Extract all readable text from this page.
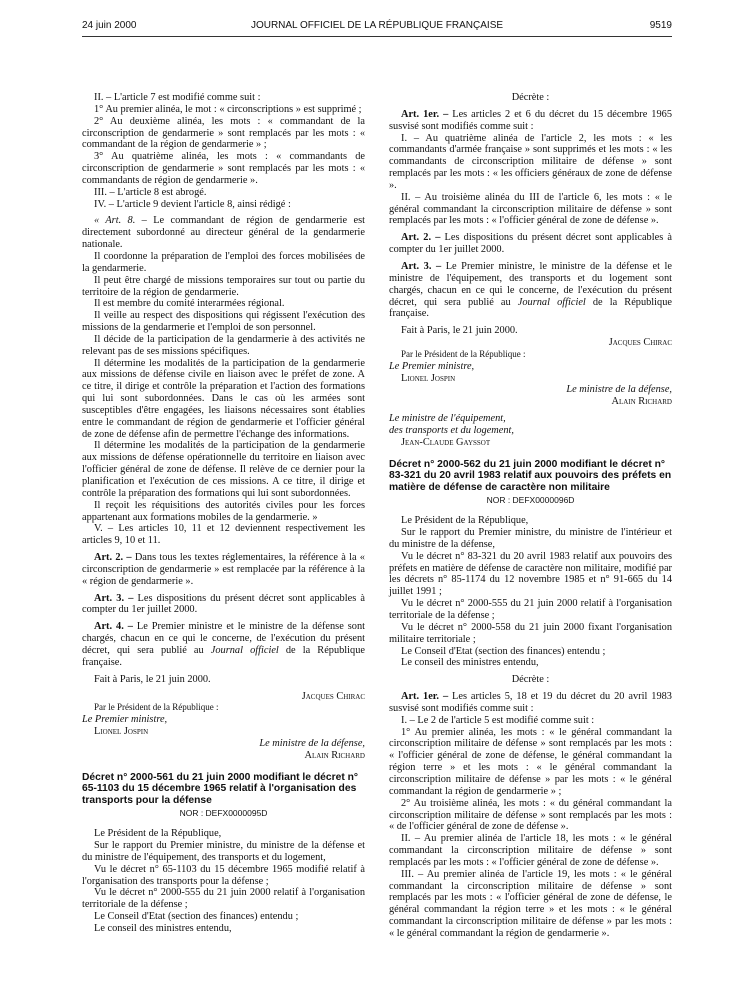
24 juin 2000	JOURNAL OFFICIEL DE LA RÉPUBLIQUE FRANÇAISE	9519

II. – L'article 7 est modifié comme suit :

1° Au premier alinéa, le mot : « circonscriptions » est supprimé ;

2° Au deuxième alinéa, les mots : « commandant de la circonscription de gendarmerie » sont remplacés par les mots : « commandant de la région de gendarmerie » ;

3° Au quatrième alinéa, les mots : « commandants de circonscription de gendarmerie » sont remplacés par les mots : « commandants de région de gendarmerie ».

III. – L'article 8 est abrogé.

IV. – L'article 9 devient l'article 8, ainsi rédigé :

« Art. 8. – Le commandant de région de gendarmerie est directement subordonné au directeur général de la gendarmerie nationale.

Il coordonne la préparation de l'emploi des forces mobilisées de la gendarmerie.

Il peut être chargé de missions temporaires sur tout ou partie du territoire de la région de gendarmerie.

Il est membre du comité interarmées régional.

Il veille au respect des dispositions qui régissent l'exécution des missions de la gendarmerie et l'emploi de son personnel.

Il décide de la participation de la gendarmerie à des activités ne relevant pas de ses missions spécifiques.

Il détermine les modalités de la participation de la gendarmerie aux missions de défense civile en liaison avec le préfet de zone. A ce titre, il dirige et contrôle la préparation et l'action des formations qui lui sont subordonnées. Dans le cas où les armées sont susceptibles d'être engagées, les liaisons nécessaires sont établies entre le commandant de région de gendarmerie et l'officier général de zone de défense afin de permettre l'échange des informations.

Il détermine les modalités de la participation de la gendarmerie aux missions de défense opérationnelle du territoire en liaison avec l'officier général de zone de défense. Il relève de ce dernier pour la planification et l'exécution de ces missions. A ce titre, il dirige et contrôle la préparation des formations qui lui sont subordonnées.

Il reçoit les réquisitions des autorités civiles pour les forces appartenant aux formations mobiles de la gendarmerie. »

V. – Les articles 10, 11 et 12 deviennent respectivement les articles 9, 10 et 11.

Art. 2. – Dans tous les textes réglementaires, la référence à la « circonscription de gendarmerie » est remplacée par la référence à la « région de gendarmerie ».

Art. 3. – Les dispositions du présent décret sont applicables à compter du 1er juillet 2000.

Art. 4. – Le Premier ministre et le ministre de la défense sont chargés, chacun en ce qui le concerne, de l'exécution du présent décret, qui sera publié au Journal officiel de la République française.

Fait à Paris, le 21 juin 2000.

Jacques Chirac

Par le Président de la République :

Le Premier ministre,

Lionel Jospin

Le ministre de la défense,

Alain Richard

Décret n° 2000-561 du 21 juin 2000 modifiant le décret n° 65-1103 du 15 décembre 1965 relatif à l'organisation des transports pour la défense

NOR : DEFX0000095D

Le Président de la République,

Sur le rapport du Premier ministre, du ministre de la défense et du ministre de l'équipement, des transports et du logement,

Vu le décret n° 65-1103 du 15 décembre 1965 modifié relatif à l'organisation des transports pour la défense ;

Vu le décret n° 2000-555 du 21 juin 2000 relatif à l'organisation territoriale de la défense ;

Le Conseil d'Etat (section des finances) entendu ;

Le conseil des ministres entendu,

Décrète :

Art. 1er. – Les articles 2 et 6 du décret du 15 décembre 1965 susvisé sont modifiés comme suit :

I. – Au quatrième alinéa de l'article 2, les mots : « les commandants d'armée française » sont supprimés et les mots : « les commandants de circonscription militaire de défense » sont remplacés par les mots : « les officiers généraux de zone de défense ».

II. – Au troisième alinéa du III de l'article 6, les mots : « le général commandant la circonscription militaire de défense » sont remplacés par les mots : « l'officier général de zone de défense ».

Art. 2. – Les dispositions du présent décret sont applicables à compter du 1er juillet 2000.

Art. 3. – Le Premier ministre, le ministre de la défense et le ministre de l'équipement, des transports et du logement sont chargés, chacun en ce qui le concerne, de l'exécution du présent décret, qui sera publié au Journal officiel de la République française.

Fait à Paris, le 21 juin 2000.

Jacques Chirac

Par le Président de la République :

Le Premier ministre,

Lionel Jospin

Le ministre de la défense,

Alain Richard

Le ministre de l'équipement,

des transports et du logement,

Jean-Claude Gayssot

Décret n° 2000-562 du 21 juin 2000 modifiant le décret n° 83-321 du 20 avril 1983 relatif aux pouvoirs des préfets en matière de défense de caractère non militaire

NOR : DEFX0000096D

Le Président de la République,

Sur le rapport du Premier ministre, du ministre de l'intérieur et du ministre de la défense,

Vu le décret n° 83-321 du 20 avril 1983 relatif aux pouvoirs des préfets en matière de défense de caractère non militaire, modifié par les décrets n° 85-1174 du 12 novembre 1985 et n° 91-665 du 14 juillet 1991 ;

Vu le décret n° 2000-555 du 21 juin 2000 relatif à l'organisation territoriale de la défense ;

Vu le décret n° 2000-558 du 21 juin 2000 fixant l'organisation militaire territoriale ;

Le Conseil d'Etat (section des finances) entendu ;

Le conseil des ministres entendu,

Décrète :

Art. 1er. – Les articles 5, 18 et 19 du décret du 20 avril 1983 susvisé sont modifiés comme suit :

I. – Le 2 de l'article 5 est modifié comme suit :

1° Au premier alinéa, les mots : « le général commandant la circonscription militaire de défense » sont remplacés par les mots : « l'officier général de zone de défense, le général commandant la région terre » et les mots : « le général commandant la circonscription militaire de défense » par les mots : « le général commandant la région de gendarmerie » ;

2° Au troisième alinéa, les mots : « du général commandant la circonscription militaire de défense » sont remplacés par les mots : « de l'officier général de zone de défense ».

II. – Au premier alinéa de l'article 18, les mots : « le général commandant la circonscription militaire de défense » sont remplacés par les mots : « l'officier général de zone de défense ».

III. – Au premier alinéa de l'article 19, les mots : « le général commandant la circonscription militaire de défense » sont remplacés par les mots : « l'officier général de zone de défense, le général commandant la région terre » et les mots : « le général commandant la circonscription militaire de défense » par les mots : « le général commandant la région de gendarmerie ».
